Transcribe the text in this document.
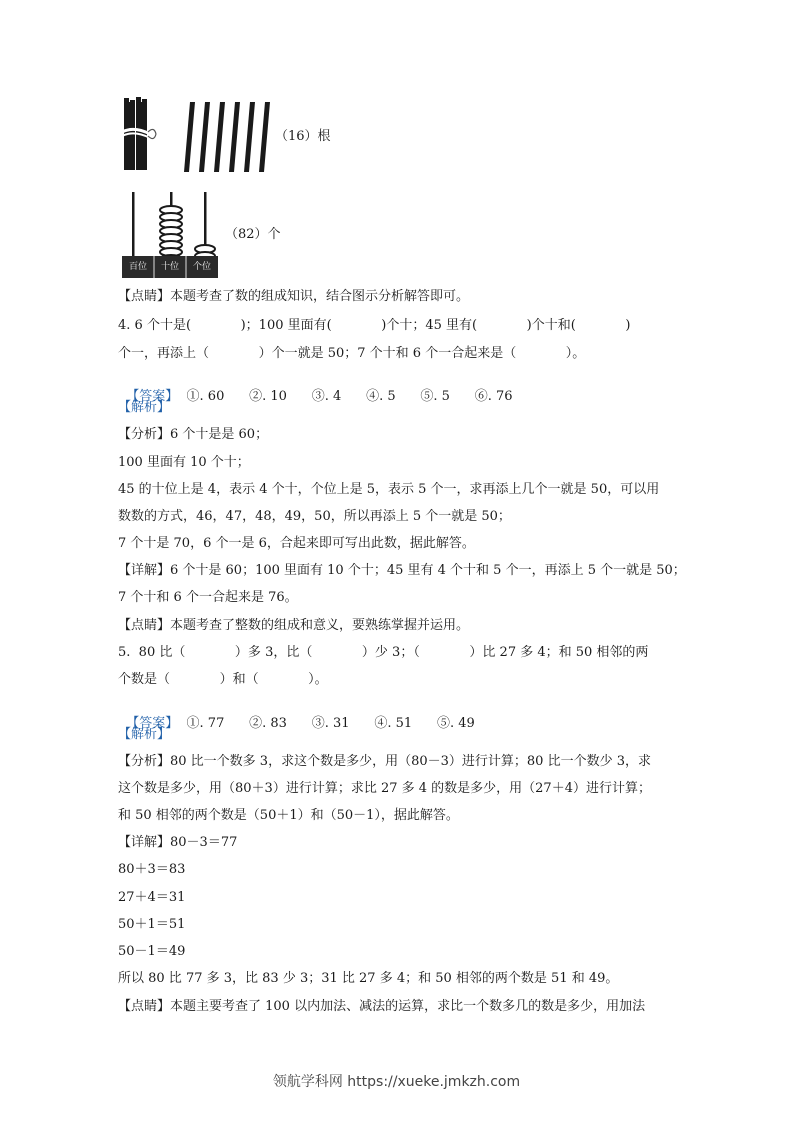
（16）根
百位	十位	个位
（82）个
【点睛】本题考查了数的组成知识，结合图示分析解答即可。
4. 6 个十是(            )；100 里面有(            )个十；45 里有(            )个十和(            )
个一，再添上（            ）个一就是 50；7 个十和 6 个一合起来是（            ）。

【答案】  ①. 60      ②. 10      ③. 4      ④. 5      ⑤. 5      ⑥. 76

【解析】
【分析】6 个十是是 60；
100 里面有 10 个十；
45 的十位上是 4，表示 4 个十，个位上是 5，表示 5 个一，求再添上几个一就是 50，可以用
数数的方式，46，47，48，49，50，所以再添上 5 个一就是 50；
7 个十是 70，6 个一是 6，合起来即可写出此数，据此解答。
【详解】6 个十是 60；100 里面有 10 个十；45 里有 4 个十和 5 个一，再添上 5 个一就是 50；
7 个十和 6 个一合起来是 76。
【点睛】本题考查了整数的组成和意义，要熟练掌握并运用。
5.  80 比（            ）多 3，比（            ）少 3；（            ）比 27 多 4；和 50 相邻的两
个数是（            ）和（            ）。

【答案】  ①. 77      ②. 83      ③. 31      ④. 51      ⑤. 49

【解析】
【分析】80 比一个数多 3，求这个数是多少，用（80－3）进行计算；80 比一个数少 3，求
这个数是多少，用（80＋3）进行计算；求比 27 多 4 的数是多少，用（27＋4）进行计算；
和 50 相邻的两个数是（50＋1）和（50－1），据此解答。
【详解】80－3＝77
80＋3＝83
27＋4＝31
50＋1＝51
50－1＝49
所以 80 比 77 多 3，比 83 少 3；31 比 27 多 4；和 50 相邻的两个数是 51 和 49。
【点睛】本题主要考查了 100 以内加法、减法的运算，求比一个数多几的数是多少，用加法
领航学科网 https://xueke.jmkzh.com
